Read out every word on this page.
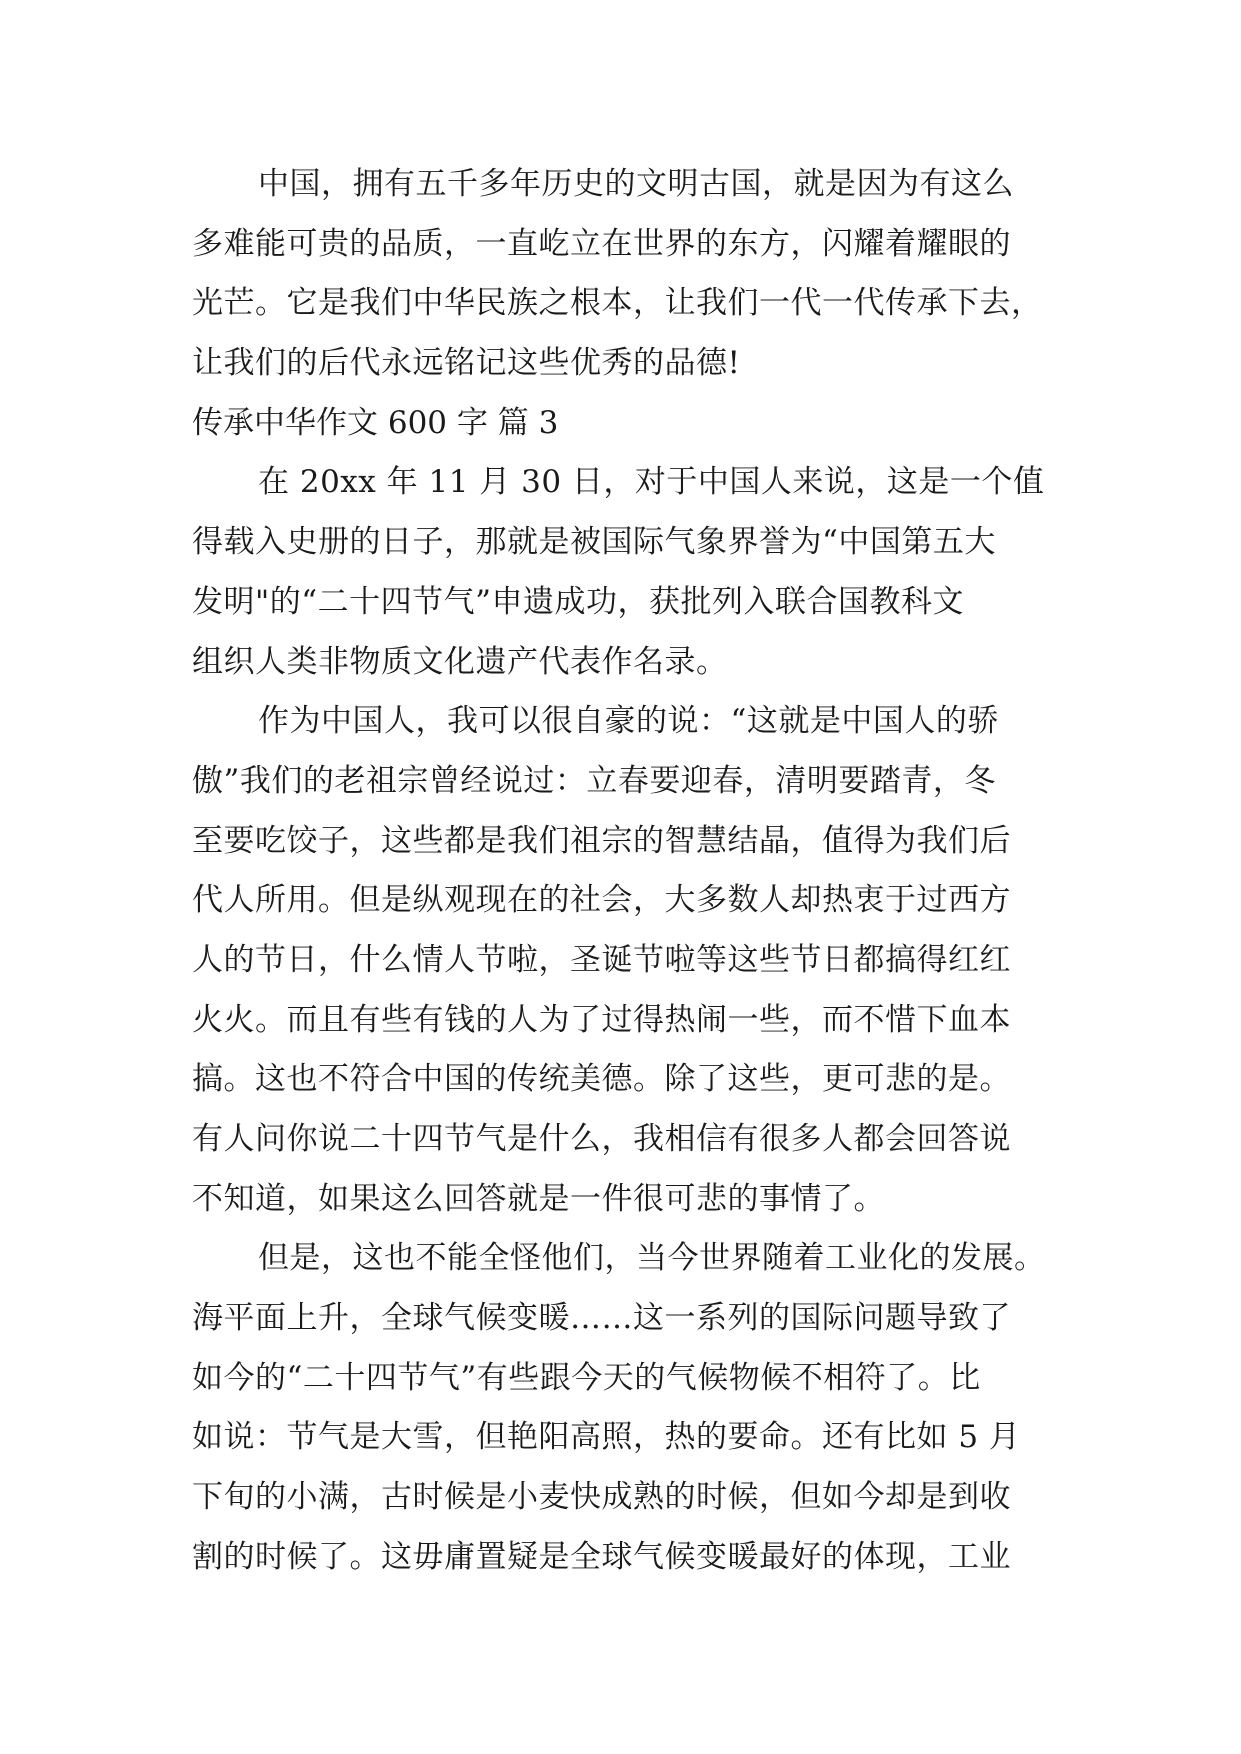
中国，拥有五千多年历史的文明古国，就是因为有这么
多难能可贵的品质，一直屹立在世界的东方，闪耀着耀眼的
光芒。它是我们中华民族之根本，让我们一代一代传承下去，
让我们的后代永远铭记这些优秀的品德!
传承中华作文 600 字 篇 3
在 20xx 年 11 月 30 日，对于中国人来说，这是一个值
得载入史册的日子，那就是被国际气象界誉为“中国第五大
发明"的“二十四节气”申遗成功，获批列入联合国教科文
组织人类非物质文化遗产代表作名录。
作为中国人，我可以很自豪的说：“这就是中国人的骄
傲”我们的老祖宗曾经说过：立春要迎春，清明要踏青，冬
至要吃饺子，这些都是我们祖宗的智慧结晶，值得为我们后
代人所用。但是纵观现在的社会，大多数人却热衷于过西方
人的节日，什么情人节啦，圣诞节啦等这些节日都搞得红红
火火。而且有些有钱的人为了过得热闹一些，而不惜下血本
搞。这也不符合中国的传统美德。除了这些，更可悲的是。
有人问你说二十四节气是什么，我相信有很多人都会回答说
不知道，如果这么回答就是一件很可悲的事情了。
但是，这也不能全怪他们，当今世界随着工业化的发展。
海平面上升，全球气候变暖……这一系列的国际问题导致了
如今的“二十四节气”有些跟今天的气候物候不相符了。比
如说：节气是大雪，但艳阳高照，热的要命。还有比如 5 月
下旬的小满，古时候是小麦快成熟的时候，但如今却是到收
割的时候了。这毋庸置疑是全球气候变暖最好的体现，工业
